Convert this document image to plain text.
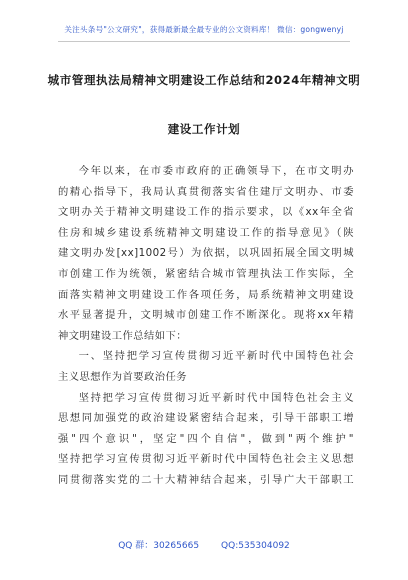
关注头条号"公文研究"，获得最新最全最专业的公文资料库！ 微信：gongwenyj
城市管理执法局精神文明建设工作总结和2024年精神文明
建设工作计划
今年以来，在市委市政府的正确领导下，在市文明办
的精心指导下，我局认真贯彻落实省住建厅文明办、市委
文明办关于精神文明建设工作的指示要求，以《xx年全省
住房和城乡建设系统精神文明建设工作的指导意见》（陕
建文明办发[xx]1002号）为依据，以巩固拓展全国文明城
市创建工作为统领，紧密结合城市管理执法工作实际，全
面落实精神文明建设工作各项任务，局系统精神文明建设
水平显著提升，文明城市创建工作不断深化。现将xx年精
神文明建设工作总结如下：
一、坚持把学习宣传贯彻习近平新时代中国特色社会
主义思想作为首要政治任务
坚持把学习宣传贯彻习近平新时代中国特色社会主义
思想同加强党的政治建设紧密结合起来，引导干部职工增
强"四个意识"，坚定"四个自信"，做到"两个维护"
坚持把学习宣传贯彻习近平新时代中国特色社会主义思想
同贯彻落实党的二十大精神结合起来，引导广大干部职工
QQ 群：30265665 QQ:535304092
